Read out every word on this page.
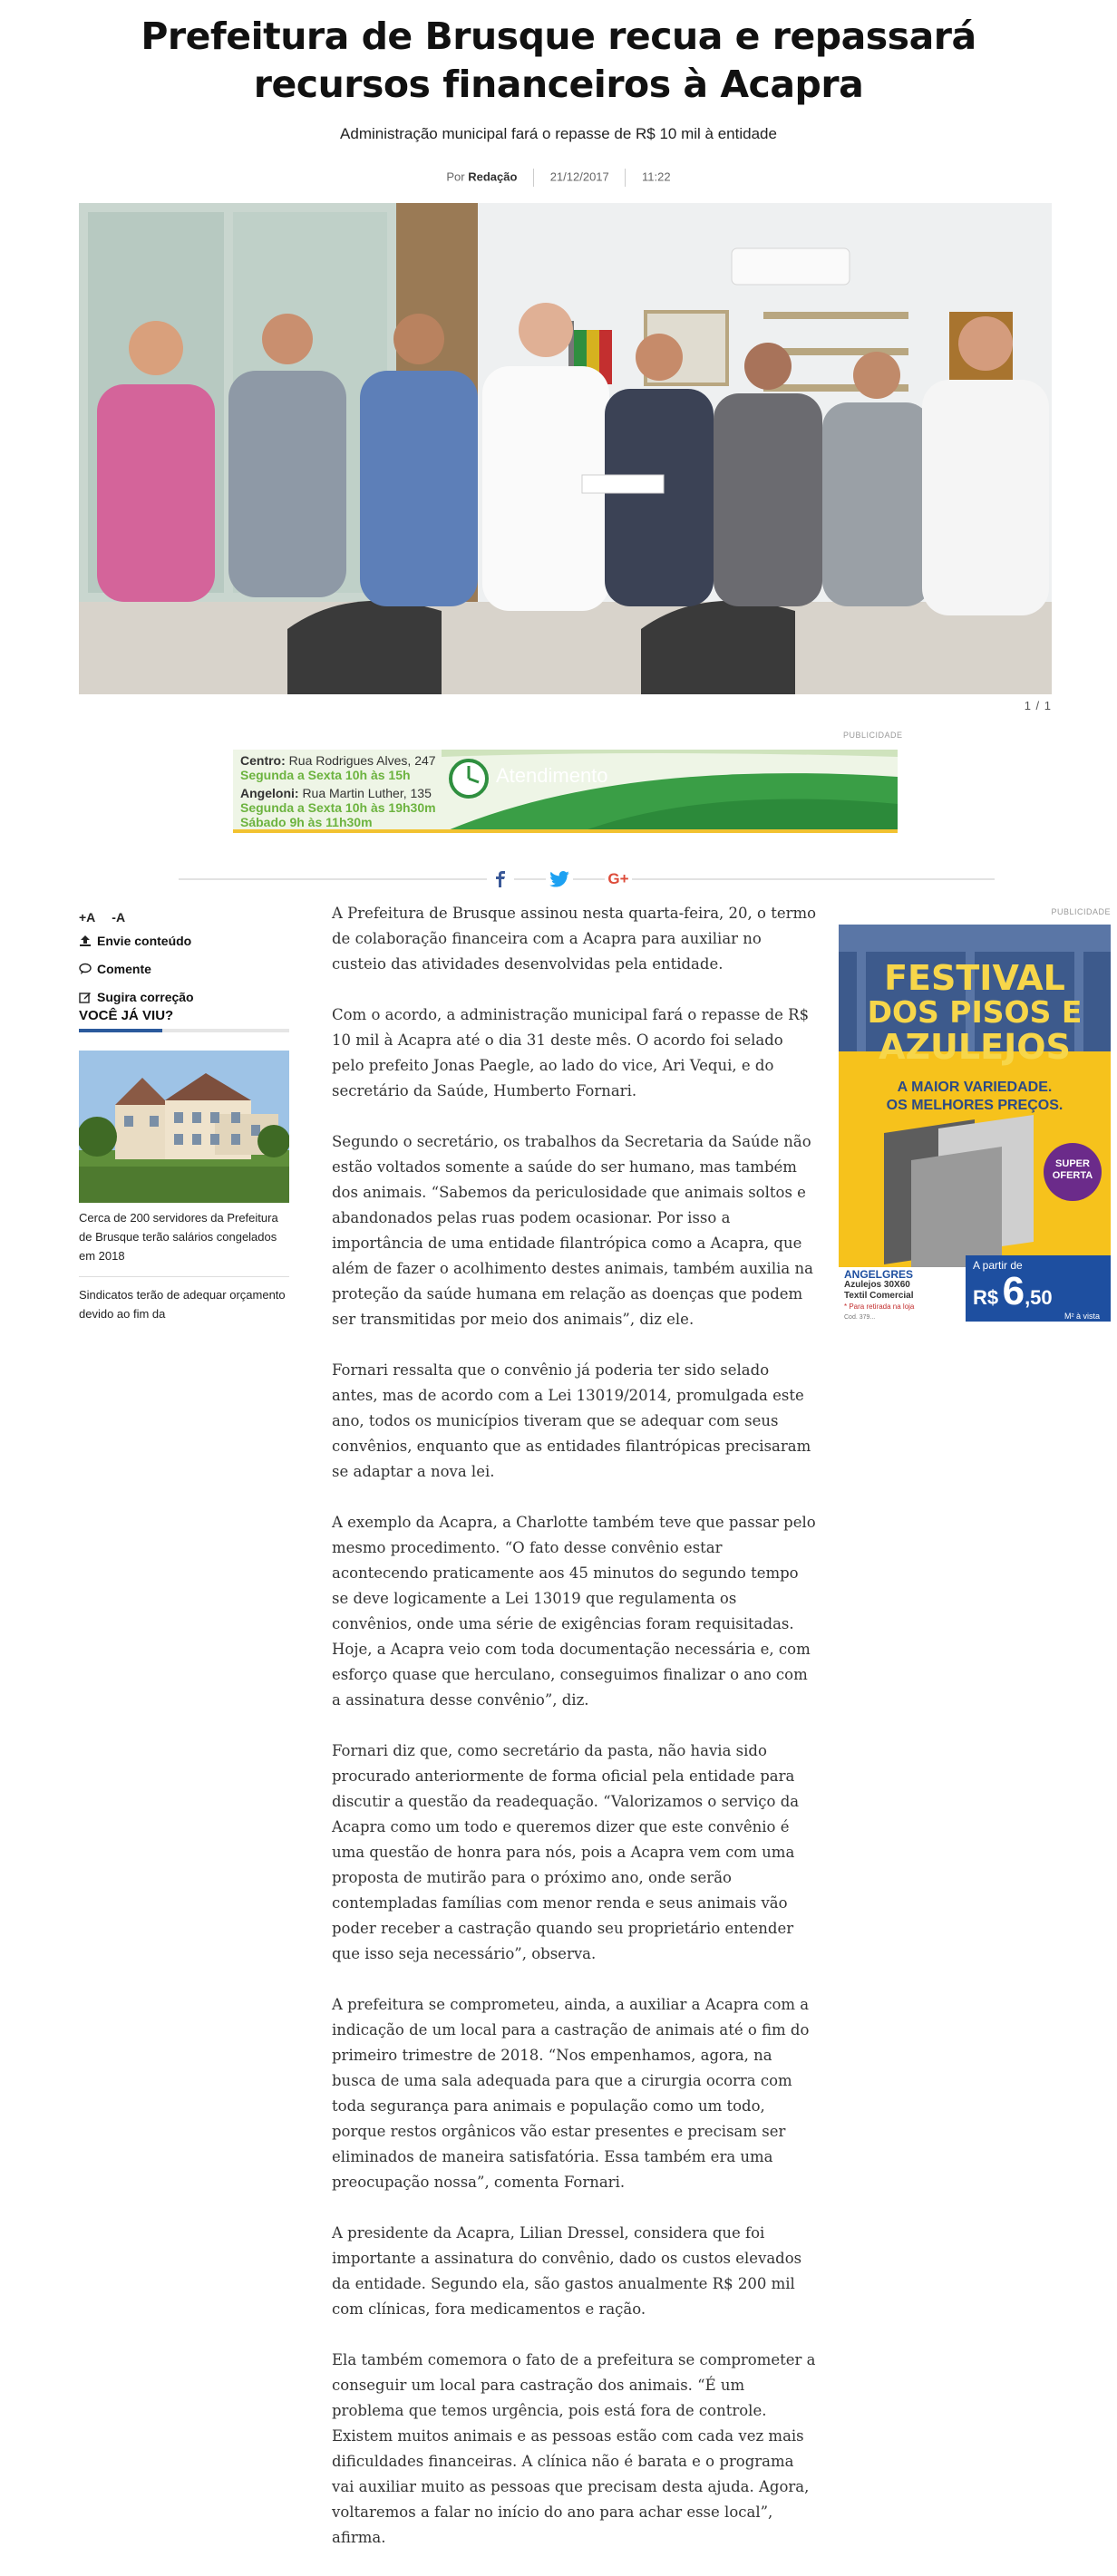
Prefeitura de Brusque recua e repassará recursos financeiros à Acapra

Administração municipal fará o repasse de R$ 10 mil à entidade

Por Redação	21/12/2017	11:22
1 / 1
PUBLICIDADE
Centro: Rua Rodrigues Alves, 247
Segunda a Sexta 10h às 15h
Angeloni: Rua Martin Luther, 135
Segunda a Sexta 10h às 19h30m
Sábado 9h às 11h30m
Atendimento
G+
+A -A
Envie conteúdo
Comente
Sugira correção
VOCÊ JÁ VIU?
Cerca de 200 servidores da Prefeitura de Brusque terão salários congelados em 2018
Sindicatos terão de adequar orçamento devido ao fim da

A Prefeitura de Brusque assinou nesta quarta-feira, 20, o termo de colaboração financeira com a Acapra para auxiliar no custeio das atividades desenvolvidas pela entidade.

Com o acordo, a administração municipal fará o repasse de R$ 10 mil à Acapra até o dia 31 deste mês. O acordo foi selado pelo prefeito Jonas Paegle, ao lado do vice, Ari Vequi, e do secretário da Saúde, Humberto Fornari.

Segundo o secretário, os trabalhos da Secretaria da Saúde não estão voltados somente a saúde do ser humano, mas também dos animais. “Sabemos da periculosidade que animais soltos e abandonados pelas ruas podem ocasionar. Por isso a importância de uma entidade filantrópica como a Acapra, que além de fazer o acolhimento destes animais, também auxilia na proteção da saúde humana em relação as doenças que podem ser transmitidas por meio dos animais”, diz ele.

Fornari ressalta que o convênio já poderia ter sido selado antes, mas de acordo com a Lei 13019/2014, promulgada este ano, todos os municípios tiveram que se adequar com seus convênios, enquanto que as entidades filantrópicas precisaram se adaptar a nova lei.

A exemplo da Acapra, a Charlotte também teve que passar pelo mesmo procedimento. “O fato desse convênio estar acontecendo praticamente aos 45 minutos do segundo tempo se deve logicamente a Lei 13019 que regulamenta os convênios, onde uma série de exigências foram requisitadas. Hoje, a Acapra veio com toda documentação necessária e, com esforço quase que herculano, conseguimos finalizar o ano com a assinatura desse convênio”, diz.

Fornari diz que, como secretário da pasta, não havia sido procurado anteriormente de forma oficial pela entidade para discutir a questão da readequação. “Valorizamos o serviço da Acapra como um todo e queremos dizer que este convênio é uma questão de honra para nós, pois a Acapra vem com uma proposta de mutirão para o próximo ano, onde serão contempladas famílias com menor renda e seus animais vão poder receber a castração quando seu proprietário entender que isso seja necessário”, observa.

A prefeitura se comprometeu, ainda, a auxiliar a Acapra com a indicação de um local para a castração de animais até o fim do primeiro trimestre de 2018. “Nos empenhamos, agora, na busca de uma sala adequada para que a cirurgia ocorra com toda segurança para animais e população como um todo, porque restos orgânicos vão estar presentes e precisam ser eliminados de maneira satisfatória. Essa também era uma preocupação nossa”, comenta Fornari.

A presidente da Acapra, Lilian Dressel, considera que foi importante a assinatura do convênio, dado os custos elevados da entidade. Segundo ela, são gastos anualmente R$ 200 mil com clínicas, fora medicamentos e ração.

Ela também comemora o fato de a prefeitura se comprometer a conseguir um local para castração dos animais. “É um problema que temos urgência, pois está fora de controle. Existem muitos animais e as pessoas estão com cada vez mais dificuldades financeiras. A clínica não é barata e o programa vai auxiliar muito as pessoas que precisam desta ajuda. Agora, voltaremos a falar no início do ano para achar esse local”, afirma.

PUBLICIDADE
FESTIVAL
DOS PISOS E
AZULEJOS
A MAIOR VARIEDADE.
OS MELHORES PREÇOS.
SUPER
OFERTA
ANGELGRES
Azulejos 30X60
Textil Comercial
* Para retirada na loja
Cod. 379...
A partir de
R$ 6,50
M² à vista
